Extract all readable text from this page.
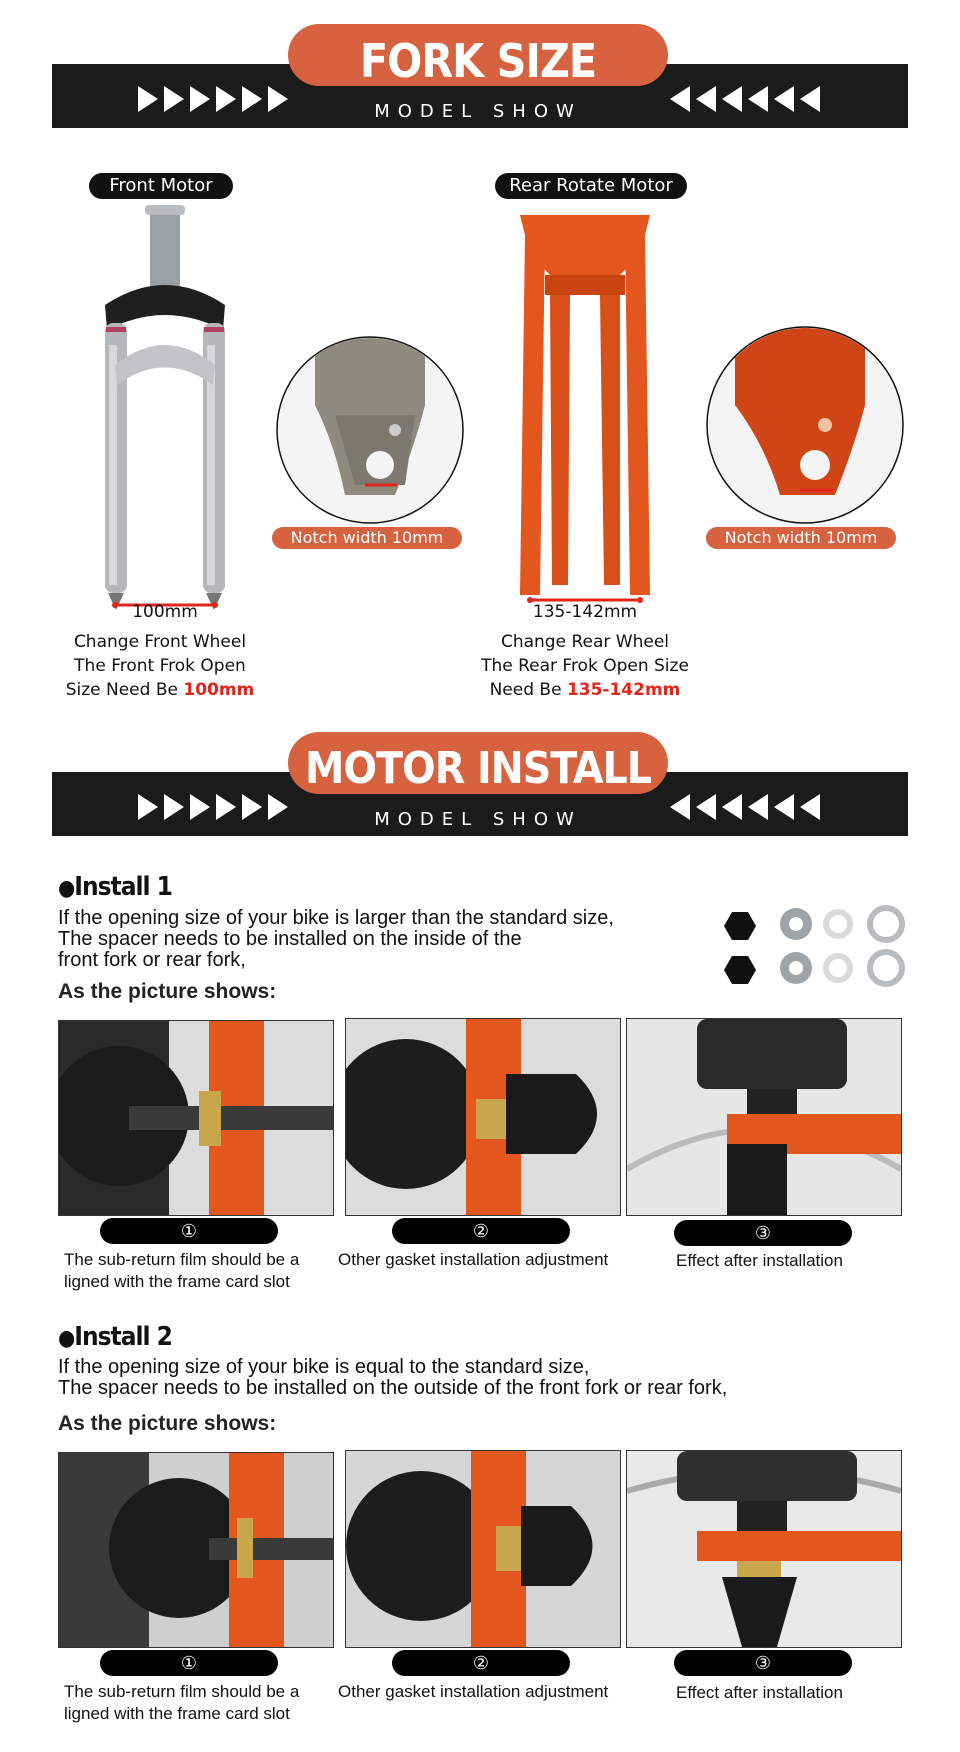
FORK SIZE
MODEL SHOW
Front Motor	Rear Rotate Motor
100mm
Notch width 10mm
135-142mm
Notch width 10mm
Change Front Wheel
The Front Frok Open
Size Need Be 100mm
Change Rear Wheel
The Rear Frok Open Size
Need Be 135-142mm
MOTOR INSTALL
MODEL SHOW
●Install 1
If the opening size of your bike is larger than the standard size,
The spacer needs to be installed on the inside of the
front fork or rear fork,
As the picture shows:
①	②	③
The sub-return film should be a
ligned with the frame card slot
Other gasket installation adjustment	Effect after installation
●Install 2
If the opening size of your bike is equal to the standard size,
The spacer needs to be installed on the outside of the front fork or rear fork,
As the picture shows:
①	②	③
The sub-return film should be a
ligned with the frame card slot
Other gasket installation adjustment	Effect after installation
